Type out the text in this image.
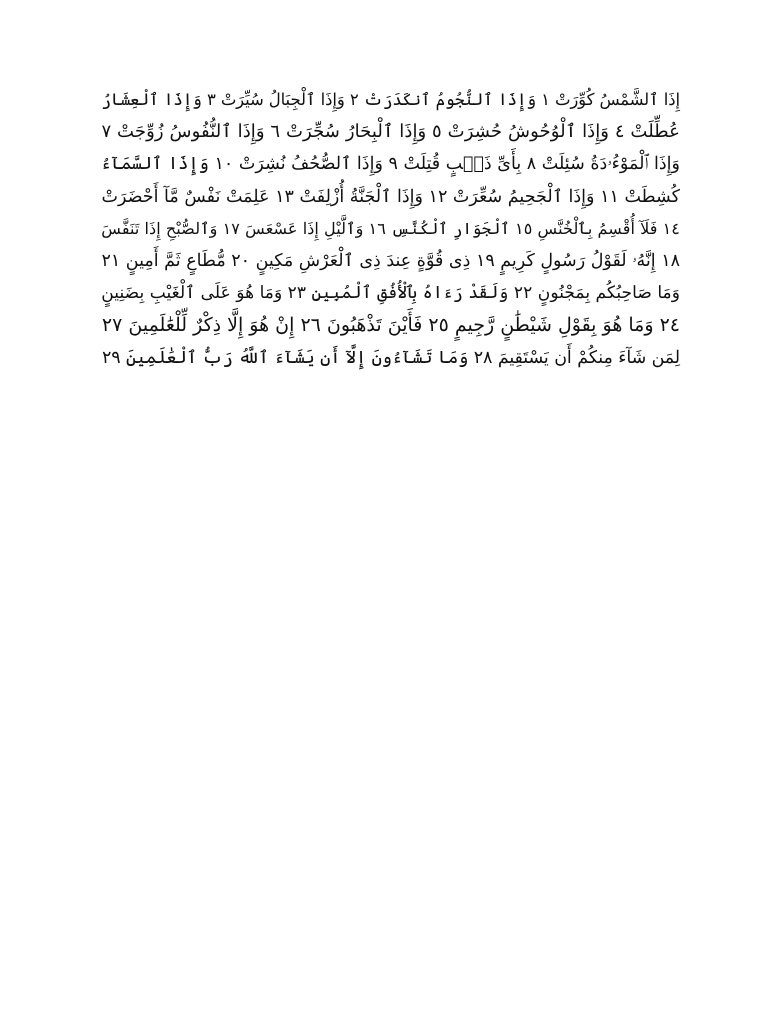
إِذَا ٱلشَّمْسُ كُوِّرَتْ ١ وَإِذَا ٱلنُّجُومُ ٱنكَدَرَتْ ٢ وَإِذَا ٱلْجِبَالُ سُيِّرَتْ ٣ وَإِذَا ٱلْعِشَارُ
عُطِّلَتْ ٤ وَإِذَا ٱلْوُحُوشُ حُشِرَتْ ٥ وَإِذَا ٱلْبِحَارُ سُجِّرَتْ ٦ وَإِذَا ٱلنُّفُوسُ زُوِّجَتْ ٧
وَإِذَا ٱلْمَوْءُۥدَةُ سُئِلَتْ ٨ بِأَىِّ ذَنۢبٍ قُتِلَتْ ٩ وَإِذَا ٱلصُّحُفُ نُشِرَتْ ١٠ وَإِذَا ٱلسَّمَآءُ
كُشِطَتْ ١١ وَإِذَا ٱلْجَحِيمُ سُعِّرَتْ ١٢ وَإِذَا ٱلْجَنَّةُ أُزْلِفَتْ ١٣ عَلِمَتْ نَفْسٌ مَّآ أَحْضَرَتْ
١٤ فَلَآ أُقْسِمُ بِٱلْخُنَّسِ ١٥ ٱلْجَوَارِ ٱلْكُنَّسِ ١٦ وَٱلَّيْلِ إِذَا عَسْعَسَ ١٧ وَٱلصُّبْحِ إِذَا تَنَفَّسَ
١٨ إِنَّهُۥ لَقَوْلُ رَسُولٍ كَرِيمٍ ١٩ ذِى قُوَّةٍ عِندَ ذِى ٱلْعَرْشِ مَكِينٍ ٢٠ مُّطَاعٍ ثَمَّ أَمِينٍ ٢١
وَمَا صَاحِبُكُم بِمَجْنُونٍ ٢٢ وَلَقَدْ رَءَاهُ بِٱلْأُفُقِ ٱلْمُبِينِ ٢٣ وَمَا هُوَ عَلَى ٱلْغَيْبِ بِضَنِينٍ
٢٤ وَمَا هُوَ بِقَوْلِ شَيْطَٰنٍ رَّجِيمٍ ٢٥ فَأَيْنَ تَذْهَبُونَ ٢٦ إِنْ هُوَ إِلَّا ذِكْرٌ لِّلْعَٰلَمِينَ ٢٧
لِمَن شَآءَ مِنكُمْ أَن يَسْتَقِيمَ ٢٨ وَمَا تَشَآءُونَ إِلَّآ أَن يَشَآءَ ٱللَّهُ رَبُّ ٱلْعَٰلَمِينَ ٢٩
